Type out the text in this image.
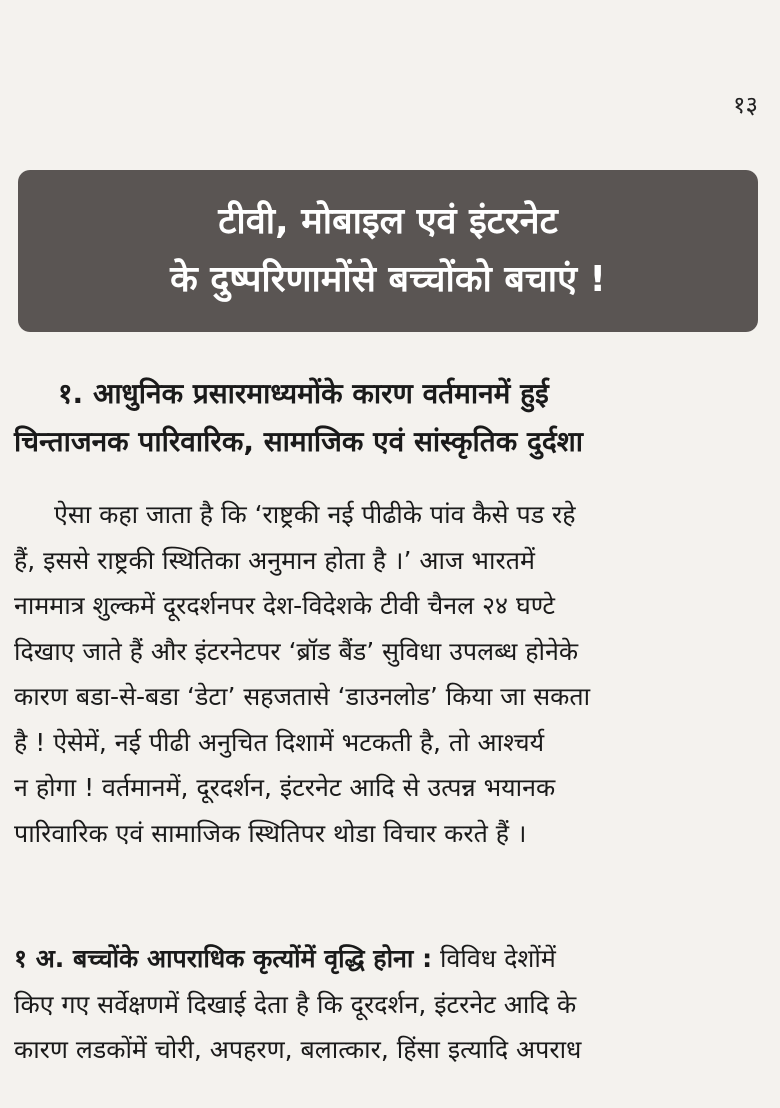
१३
टीवी, मोबाइल एवं इंटरनेट
के दुष्परिणामोंसे बच्चोंको बचाएं !
१. आधुनिक प्रसारमाध्यमोंके कारण वर्तमानमें हुई
चिन्ताजनक पारिवारिक, सामाजिक एवं सांस्कृतिक दुर्दशा
ऐसा कहा जाता है कि ‘राष्ट्रकी नई पीढीके पांव कैसे पड रहे
हैं, इससे राष्ट्रकी स्थितिका अनुमान होता है ।’ आज भारतमें
नाममात्र शुल्कमें दूरदर्शनपर देश-विदेशके टीवी चैनल २४ घण्टे
दिखाए जाते हैं और इंटरनेटपर ‘ब्रॉड बैंड’ सुविधा उपलब्ध होनेके
कारण बडा-से-बडा ‘डेटा’ सहजतासे ‘डाउनलोड’ किया जा सकता
है ! ऐसेमें, नई पीढी अनुचित दिशामें भटकती है, तो आश्चर्य
न होगा ! वर्तमानमें, दूरदर्शन, इंटरनेट आदि से उत्पन्न भयानक
पारिवारिक एवं सामाजिक स्थितिपर थोडा विचार करते हैं ।
१ अ. बच्चोंके आपराधिक कृत्योंमें वृद्धि होना : विविध देशोंमें
किए गए सर्वेक्षणमें दिखाई देता है कि दूरदर्शन, इंटरनेट आदि के
कारण लडकोंमें चोरी, अपहरण, बलात्कार, हिंसा इत्यादि अपराध
